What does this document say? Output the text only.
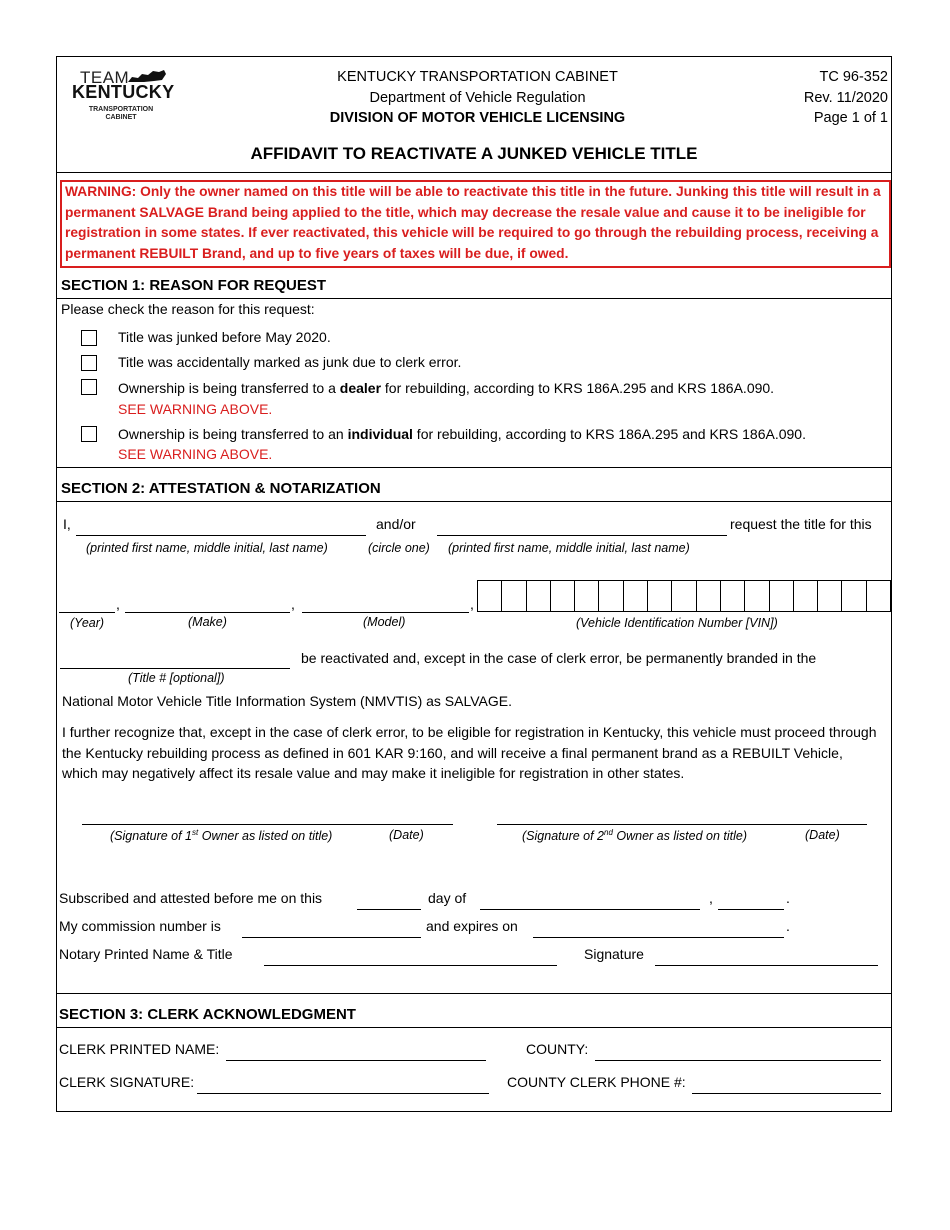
TEAM
KENTUCKY
TRANSPORTATION
CABINET
KENTUCKY TRANSPORTATION CABINET
Department of Vehicle Regulation
DIVISION OF MOTOR VEHICLE LICENSING
TC 96-352
Rev. 11/2020
Page 1 of 1
AFFIDAVIT TO REACTIVATE A JUNKED VEHICLE TITLE
WARNING: Only the owner named on this title will be able to reactivate this title in the future. Junking this title will result in a permanent SALVAGE Brand being applied to the title, which may decrease the resale value and cause it to be ineligible for registration in some states. If ever reactivated, this vehicle will be required to go through the rebuilding process, receiving a permanent REBUILT Brand, and up to five years of taxes will be due, if owed.
SECTION 1: REASON FOR REQUEST
Please check the reason for this request:
Title was junked before May 2020.
Title was accidentally marked as junk due to clerk error.
Ownership is being transferred to a dealer for rebuilding, according to KRS 186A.295 and KRS 186A.090.
SEE WARNING ABOVE.
Ownership is being transferred to an individual for rebuilding, according to KRS 186A.295 and KRS 186A.090.
SEE WARNING ABOVE.
SECTION 2: ATTESTATION & NOTARIZATION
I,	and/or	request the title for this
(printed first name, middle initial, last name)	(circle one) (printed first name, middle initial, last name)
,	,	,
(Year)	(Make)	(Model)	(Vehicle Identification Number [VIN])
be reactivated and, except in the case of clerk error, be permanently branded in the
(Title # [optional])
National Motor Vehicle Title Information System (NMVTIS) as SALVAGE.
I further recognize that, except in the case of clerk error, to be eligible for registration in Kentucky, this vehicle must proceed through the Kentucky rebuilding process as defined in 601 KAR 9:160, and will receive a final permanent brand as a REBUILT Vehicle, which may negatively affect its resale value and may make it ineligible for registration in other states.
(Signature of 1st Owner as listed on title)	(Date)	(Signature of 2nd Owner as listed on title)	(Date)
Subscribed and attested before me on this	day of	,	.
My commission number is	and expires on	.
Notary Printed Name & Title	Signature
SECTION 3: CLERK ACKNOWLEDGMENT
CLERK PRINTED NAME:	COUNTY:
CLERK SIGNATURE:	COUNTY CLERK PHONE #:
